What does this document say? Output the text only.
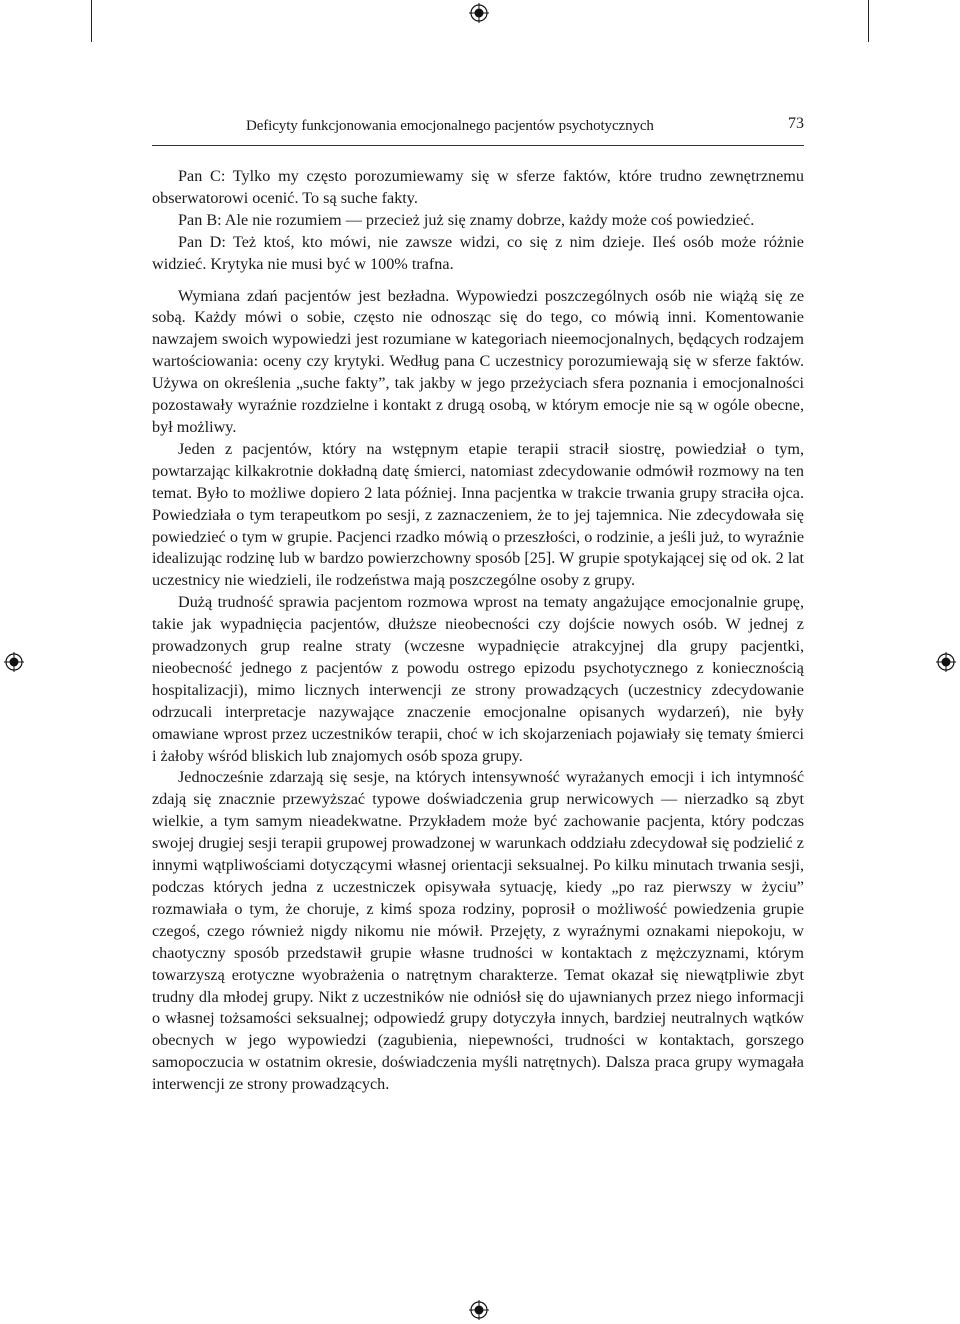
Deficyty funkcjonowania emocjonalnego pacjentów psychotycznych	73

Pan C: Tylko my często porozumiewamy się w sferze faktów, które trudno zewnętrznemu obserwatorowi ocenić. To są suche fakty.

Pan B: Ale nie rozumiem — przecież już się znamy dobrze, każdy może coś powiedzieć.

Pan D: Też ktoś, kto mówi, nie zawsze widzi, co się z nim dzieje. Ileś osób może różnie widzieć. Krytyka nie musi być w 100% trafna.

Wymiana zdań pacjentów jest bezładna. Wypowiedzi poszczególnych osób nie wiążą się ze sobą. Każdy mówi o sobie, często nie odnosząc się do tego, co mówią inni. Komentowanie nawzajem swoich wypowiedzi jest rozumiane w kategoriach nieemocjonalnych, będących rodzajem wartościowania: oceny czy krytyki. Według pana C uczestnicy porozumiewają się w sferze faktów. Używa on określenia „suche fakty”, tak jakby w jego przeżyciach sfera poznania i emocjonalności pozostawały wyraźnie rozdzielne i kontakt z drugą osobą, w którym emocje nie są w ogóle obecne, był możliwy.

Jeden z pacjentów, który na wstępnym etapie terapii stracił siostrę, powiedział o tym, powtarzając kilkakrotnie dokładną datę śmierci, natomiast zdecydowanie odmówił rozmowy na ten temat. Było to możliwe dopiero 2 lata później. Inna pacjentka w trakcie trwania grupy straciła ojca. Powiedziała o tym terapeutkom po sesji, z zaznaczeniem, że to jej tajemnica. Nie zdecydowała się powiedzieć o tym w grupie. Pacjenci rzadko mówią o przeszłości, o rodzinie, a jeśli już, to wyraźnie idealizując rodzinę lub w bardzo powierzchowny sposób [25]. W grupie spotykającej się od ok. 2 lat uczestnicy nie wiedzieli, ile rodzeństwa mają poszczególne osoby z grupy.

Dużą trudność sprawia pacjentom rozmowa wprost na tematy angażujące emocjonalnie grupę, takie jak wypadnięcia pacjentów, dłuższe nieobecności czy dojście nowych osób. W jednej z prowadzonych grup realne straty (wczesne wypadnięcie atrakcyjnej dla grupy pacjentki, nieobecność jednego z pacjentów z powodu ostrego epizodu psychotycznego z koniecznością hospitalizacji), mimo licznych interwencji ze strony prowadzących (uczestnicy zdecydowanie odrzucali interpretacje nazywające znaczenie emocjonalne opisanych wydarzeń), nie były omawiane wprost przez uczestników terapii, choć w ich skojarzeniach pojawiały się tematy śmierci i żałoby wśród bliskich lub znajomych osób spoza grupy.

Jednocześnie zdarzają się sesje, na których intensywność wyrażanych emocji i ich intymność zdają się znacznie przewyższać typowe doświadczenia grup nerwicowych — nierzadko są zbyt wielkie, a tym samym nieadekwatne. Przykładem może być zachowanie pacjenta, który podczas swojej drugiej sesji terapii grupowej prowadzonej w warunkach oddziału zdecydował się podzielić z innymi wątpliwościami dotyczącymi własnej orientacji seksualnej. Po kilku minutach trwania sesji, podczas których jedna z uczestniczek opisywała sytuację, kiedy „po raz pierwszy w życiu” rozmawiała o tym, że choruje, z kimś spoza rodziny, poprosił o możliwość powiedzenia grupie czegoś, czego również nigdy nikomu nie mówił. Przejęty, z wyraźnymi oznakami niepokoju, w chaotyczny sposób przedstawił grupie własne trudności w kontaktach z mężczyznami, którym towarzyszą erotyczne wyobrażenia o natrętnym charakterze. Temat okazał się niewątpliwie zbyt trudny dla młodej grupy. Nikt z uczestników nie odniósł się do ujawnianych przez niego informacji o własnej tożsamości seksualnej; odpowiedź grupy dotyczyła innych, bardziej neutralnych wątków obecnych w jego wypowiedzi (zagubienia, niepewności, trudności w kontaktach, gorszego samopoczucia w ostatnim okresie, doświadczenia myśli natrętnych). Dalsza praca grupy wymagała interwencji ze strony prowadzących.
